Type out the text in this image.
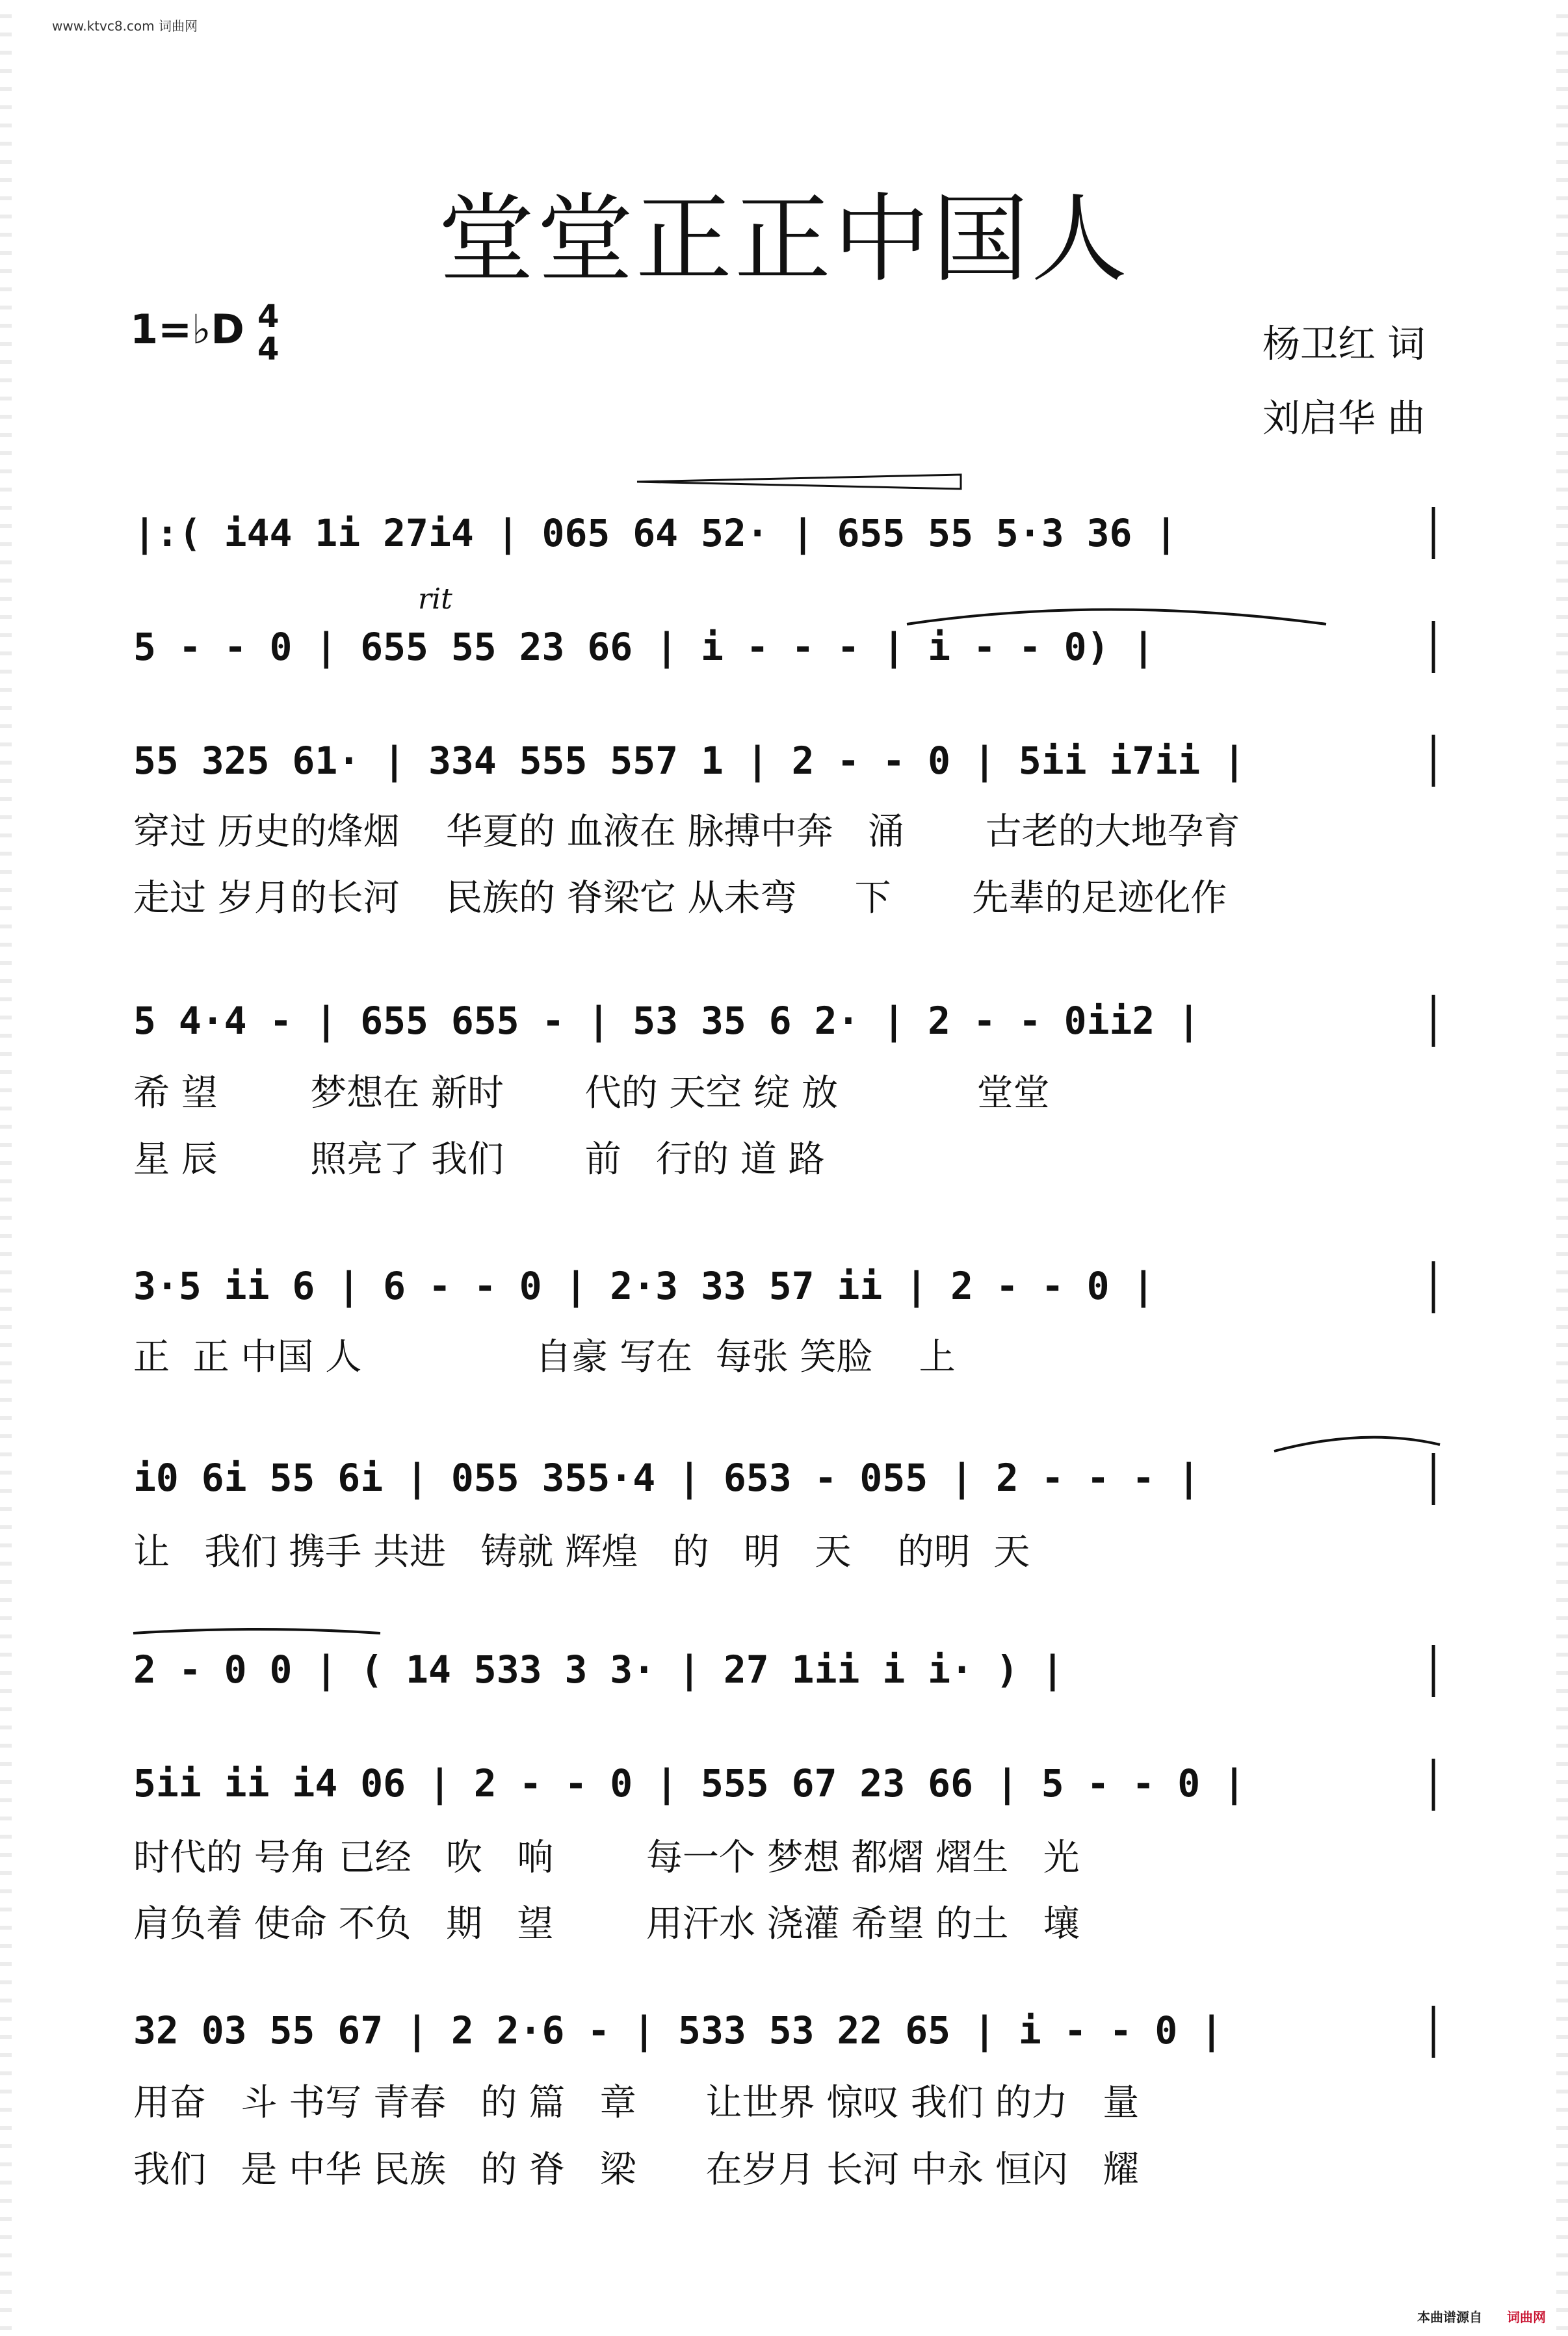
www.ktvc8.com 词曲网
堂堂正正中国人
1=♭D 4
4	杨卫红 词
刘启华 曲
rit
|:( i44 1i 27i4 | 065 64 52· | 655 55 5·3 36 |
5 - - 0 | 655 55 23 66 | i - - - | i - - 0) |
55 325 61· | 334 555 557 1 | 2 - - 0 | 5ii i7ii |
穿过 历史的烽烟    华夏的 血液在 脉搏中奔   涌       古老的大地孕育
走过 岁月的长河    民族的 脊梁它 从未弯     下       先辈的足迹化作
5 4·4 - | 655 655 - | 53 35 6 2· | 2 - - 0ii2 |
希 望        梦想在 新时       代的 天空 绽 放            堂堂
星 辰        照亮了 我们       前   行的 道 路
3·5 ii 6 | 6 - - 0 | 2·3 33 57 ii | 2 - - 0 |
正  正 中国 人               自豪 写在  每张 笑脸    上
i0 6i 55 6i | 055 355·4 | 653 - 055 | 2 - - - |
让   我们 携手 共进   铸就 辉煌   的   明   天    的明  天
2 - 0 0 | ( 14 533 3 3· | 27 1ii i i· ) |
5ii ii i4 06 | 2 - - 0 | 555 67 23 66 | 5 - - 0 |
时代的 号角 已经   吹   响        每一个 梦想 都熠 熠生   光
肩负着 使命 不负   期   望        用汗水 浇灌 希望 的土   壤
32 03 55 67 | 2 2·6 - | 533 53 22 65 | i - - 0 |
用奋   斗 书写 青春   的 篇   章      让世界 惊叹 我们 的力   量
我们   是 中华 民族   的 脊   梁      在岁月 长河 中永 恒闪   耀
本曲谱源自 词曲网
